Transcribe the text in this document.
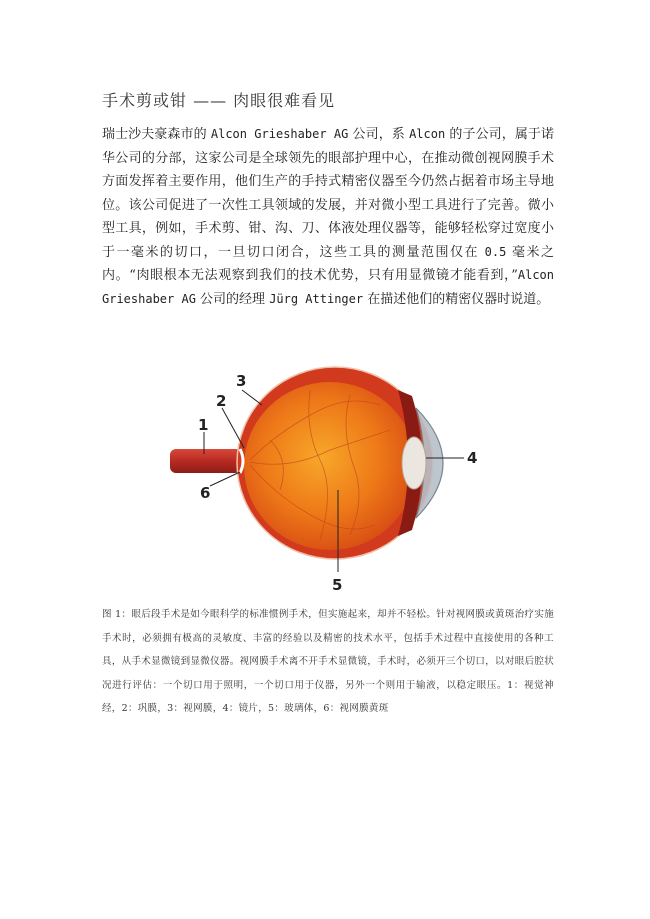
手术剪或钳 —— 肉眼很难看见

瑞士沙夫豪森市的 Alcon Grieshaber AG 公司，系 Alcon 的子公司，属于诺华公司的分部，这家公司是全球领先的眼部护理中心，在推动微创视网膜手术方面发挥着主要作用，他们生产的手持式精密仪器至今仍然占据着市场主导地位。该公司促进了一次性工具领域的发展，并对微小型工具进行了完善。微小型工具，例如，手术剪、钳、沟、刀、体液处理仪器等，能够轻松穿过宽度小于一毫米的切口，一旦切口闭合，这些工具的测量范围仅在 0.5 毫米之内。“肉眼根本无法观察到我们的技术优势，只有用显微镜才能看到，”Alcon Grieshaber AG 公司的经理 Jürg Attinger 在描述他们的精密仪器时说道。

1
2
3
4
5
6

图 1：眼后段手术是如今眼科学的标准惯例手术，但实施起来，却并不轻松。针对视网膜或黄斑治疗实施手术时，必须拥有极高的灵敏度、丰富的经验以及精密的技术水平，包括手术过程中直接使用的各种工具，从手术显微镜到显微仪器。视网膜手术离不开手术显微镜，手术时，必须开三个切口，以对眼后腔状况进行评估：一个切口用于照明，一个切口用于仪器，另外一个则用于输液，以稳定眼压。1：视觉神经，2：巩膜，3：视网膜，4：镜片，5：玻璃体，6：视网膜黄斑
